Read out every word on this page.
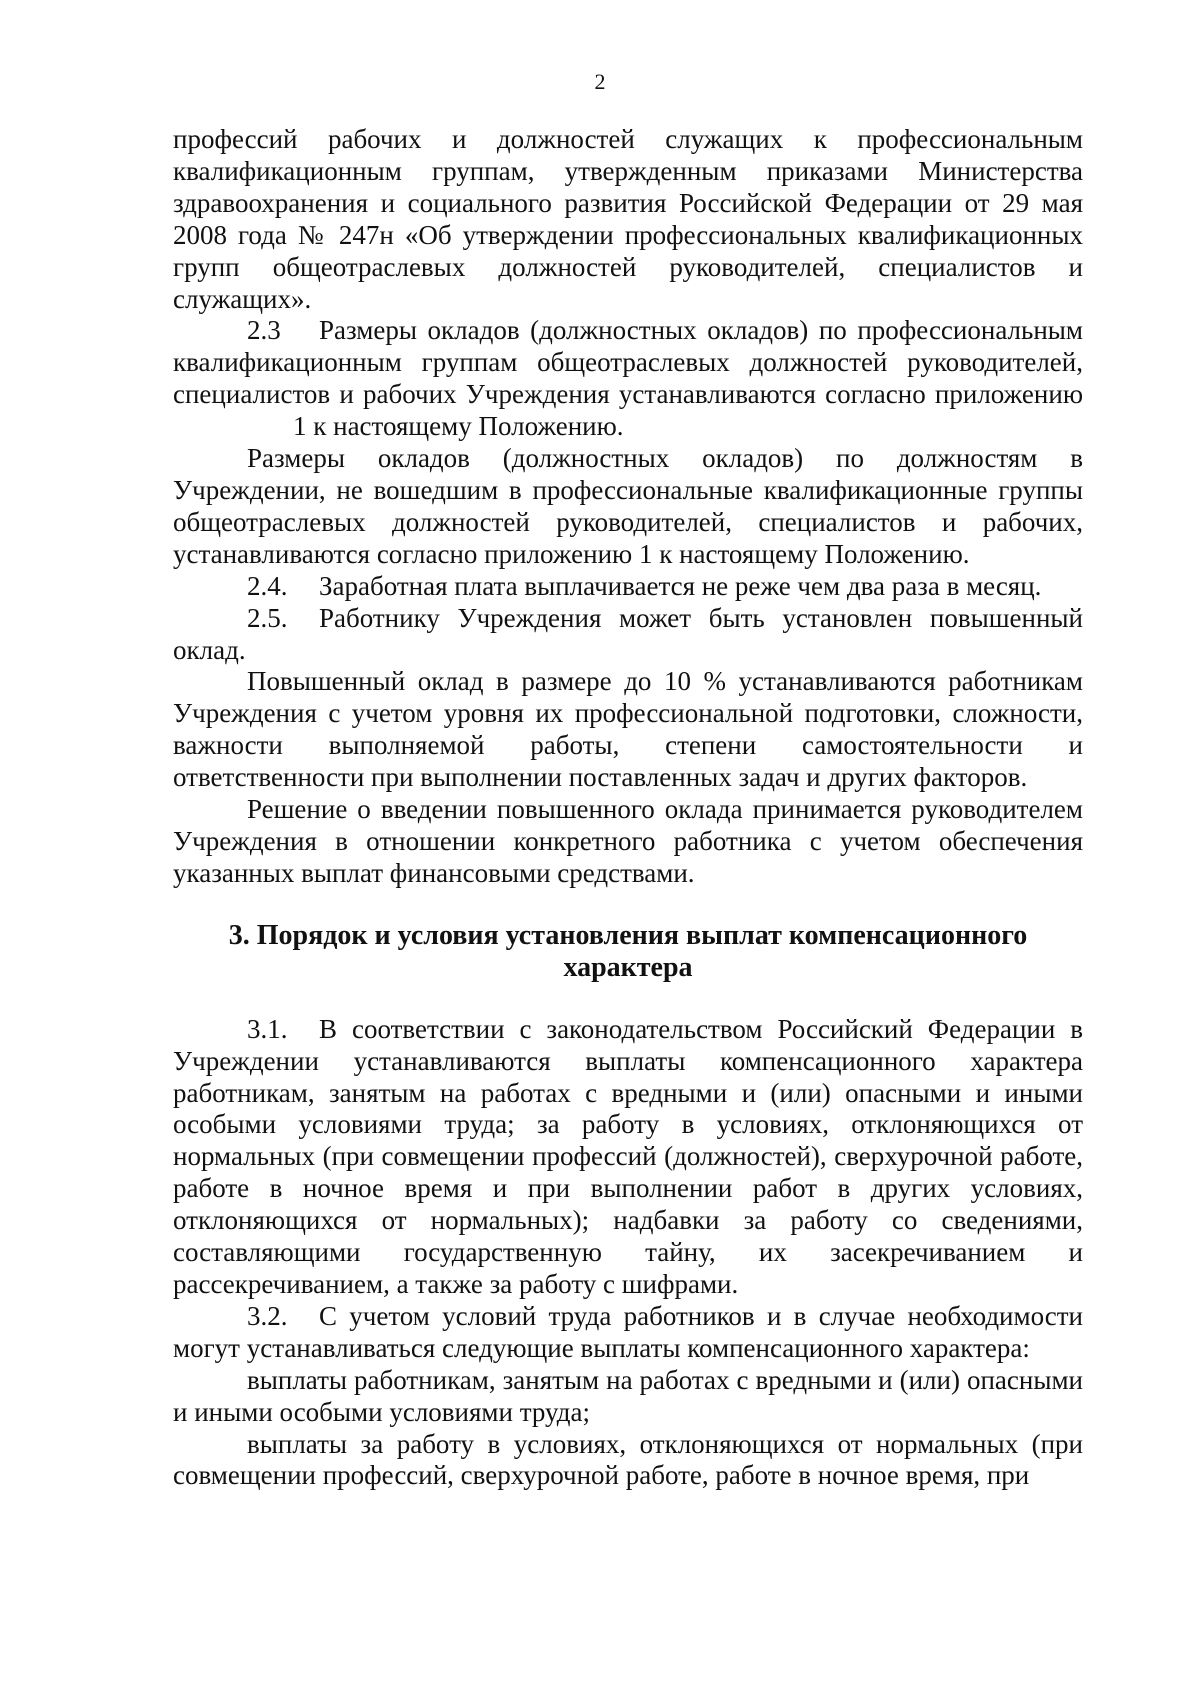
2

профессий рабочих и должностей служащих к профессиональным квалификационным группам, утвержденным приказами Министерства здравоохранения и социального развития Российской Федерации от 29 мая 2008 года № 247н «Об утверждении профессиональных квалификационных групп общеотраслевых должностей руководителей, специалистов и служащих».

2.3 Размеры окладов (должностных окладов) по профессиональным квалификационным группам общеотраслевых должностей руководителей, специалистов и рабочих Учреждения устанавливаются согласно приложению1 к настоящему Положению.

Размеры окладов (должностных окладов) по должностям в Учреждении, не вошедшим в профессиональные квалификационные группы общеотраслевых должностей руководителей, специалистов и рабочих, устанавливаются согласно приложению 1 к настоящему Положению.

2.4. Заработная плата выплачивается не реже чем два раза в месяц.

2.5. Работнику Учреждения может быть установлен повышенный оклад.

Повышенный оклад в размере до 10 % устанавливаются работникам Учреждения с учетом уровня их профессиональной подготовки, сложности, важности выполняемой работы, степени самостоятельности и ответственности при выполнении поставленных задач и других факторов.

Решение о введении повышенного оклада принимается руководителем Учреждения в отношении конкретного работника с учетом обеспечения указанных выплат финансовыми средствами.

3. Порядок и условия установления выплат компенсационного
характера

3.1. В соответствии с законодательством Российский Федерации в Учреждении устанавливаются выплаты компенсационного характера работникам, занятым на работах с вредными и (или) опасными и иными особыми условиями труда; за работу в условиях, отклоняющихся от нормальных (при совмещении профессий (должностей), сверхурочной работе, работе в ночное время и при выполнении работ в других условиях, отклоняющихся от нормальных); надбавки за работу со сведениями, составляющими государственную тайну, их засекречиванием и рассекречиванием, а также за работу с шифрами.

3.2. С учетом условий труда работников и в случае необходимости могут устанавливаться следующие выплаты компенсационного характера:

выплаты работникам, занятым на работах с вредными и (или) опасными и иными особыми условиями труда;

выплаты за работу в условиях, отклоняющихся от нормальных (при совмещении профессий, сверхурочной работе, работе в ночное время, при
